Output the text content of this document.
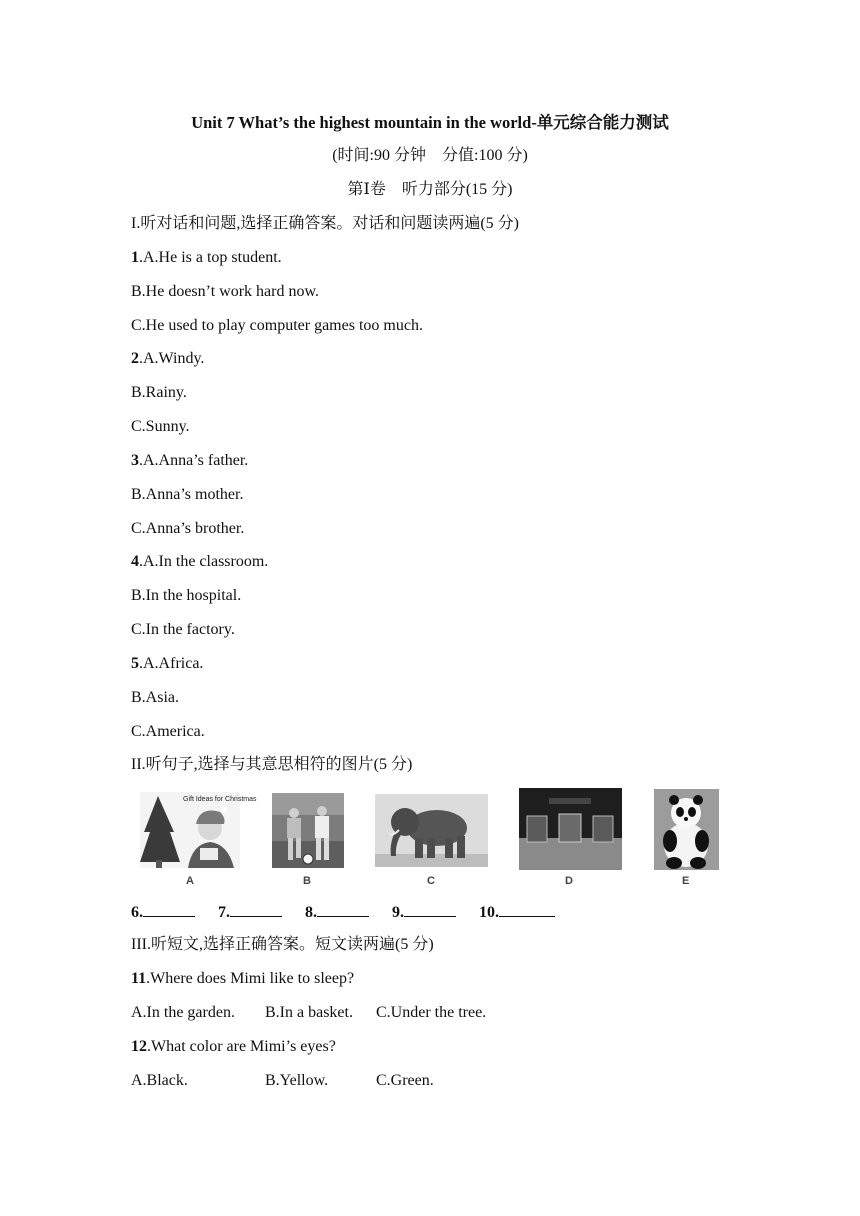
Unit 7 What’s the highest mountain in the world-单元综合能力测试
(时间:90 分钟　分值:100 分)
第Ⅰ卷　听力部分(15 分)
I.听对话和问题,选择正确答案。对话和问题读两遍(5 分)
1.A.He is a top student.
B.He doesn’t work hard now.
C.He used to play computer games too much.
2.A.Windy.
B.Rainy.
C.Sunny.
3.A.Anna’s father.
B.Anna’s mother.
C.Anna’s brother.
4.A.In the classroom.
B.In the hospital.
C.In the factory.
5.A.Africa.
B.Asia.
C.America.
II.听句子,选择与其意思相符的图片(5 分)
Gift Ideas for Christmas
A	B	C	D	E
6.	7.	8.	9.	10.
III.听短文,选择正确答案。短文读两遍(5 分)
11.Where does Mimi like to sleep?
A.In the garden. B.In a basket. C.Under the tree.
12.What color are Mimi’s eyes?
A.Black.	B.Yellow.	C.Green.
